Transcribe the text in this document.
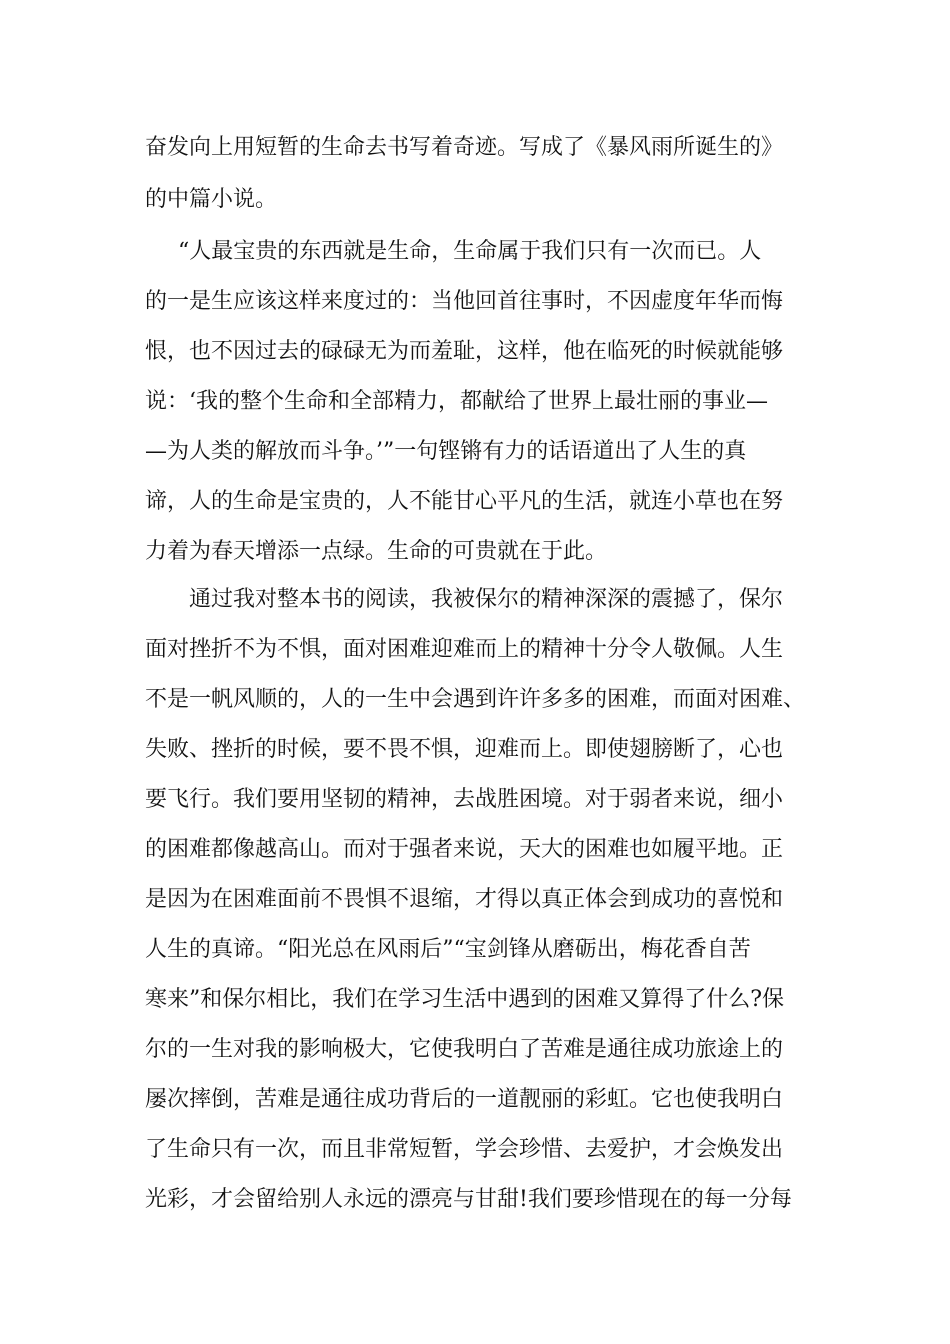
奋发向上用短暂的生命去书写着奇迹。写成了《暴风雨所诞生的》
的中篇小说。
“人最宝贵的东西就是生命，生命属于我们只有一次而已。人
的一是生应该这样来度过的：当他回首往事时，不因虚度年华而悔
恨，也不因过去的碌碌无为而羞耻，这样，他在临死的时候就能够
说：‘我的整个生命和全部精力，都献给了世界上最壮丽的事业—
—为人类的解放而斗争。’”一句铿锵有力的话语道出了人生的真
谛，人的生命是宝贵的，人不能甘心平凡的生活，就连小草也在努
力着为春天增添一点绿。生命的可贵就在于此。
通过我对整本书的阅读，我被保尔的精神深深的震撼了，保尔
面对挫折不为不惧，面对困难迎难而上的精神十分令人敬佩。人生
不是一帆风顺的，人的一生中会遇到许许多多的困难，而面对困难、
失败、挫折的时候，要不畏不惧，迎难而上。即使翅膀断了，心也
要飞行。我们要用坚韧的精神，去战胜困境。对于弱者来说，细小
的困难都像越高山。而对于强者来说，天大的困难也如履平地。正
是因为在困难面前不畏惧不退缩，才得以真正体会到成功的喜悦和
人生的真谛。“阳光总在风雨后”“宝剑锋从磨砺出，梅花香自苦
寒来”和保尔相比，我们在学习生活中遇到的困难又算得了什么?保
尔的一生对我的影响极大，它使我明白了苦难是通往成功旅途上的
屡次摔倒，苦难是通往成功背后的一道靓丽的彩虹。它也使我明白
了生命只有一次，而且非常短暂，学会珍惜、去爱护，才会焕发出
光彩，才会留给别人永远的漂亮与甘甜!我们要珍惜现在的每一分每
